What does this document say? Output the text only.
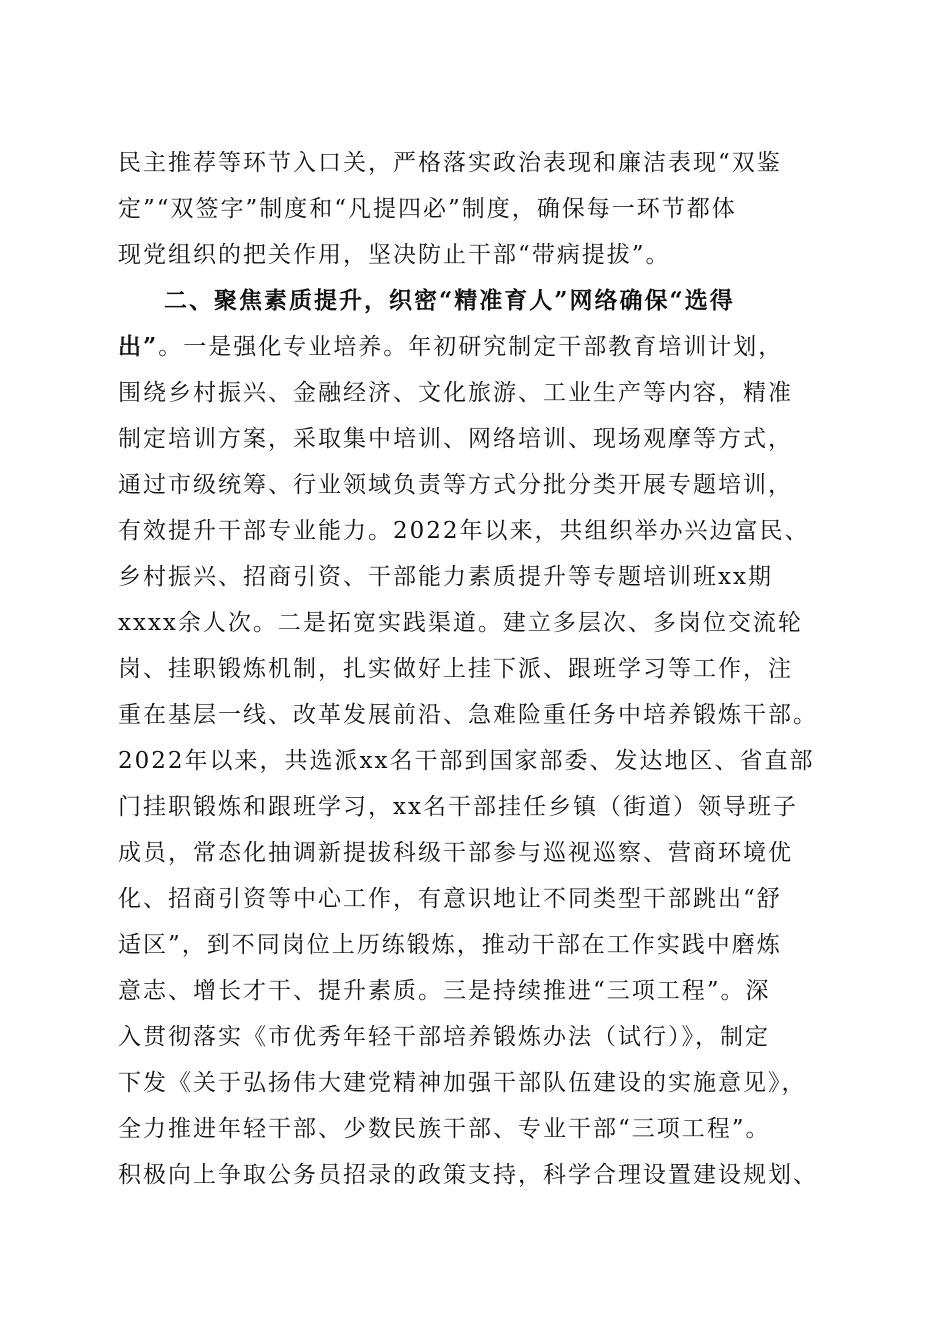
民主推荐等环节入口关，严格落实政治表现和廉洁表现“双鉴
定”“双签字”制度和“凡提四必”制度，确保每一环节都体
现党组织的把关作用，坚决防止干部“带病提拔”。
二、聚焦素质提升，织密“精准育人”网络确保“选得
出”。一是强化专业培养。年初研究制定干部教育培训计划，
围绕乡村振兴、金融经济、文化旅游、工业生产等内容，精准
制定培训方案，采取集中培训、网络培训、现场观摩等方式，
通过市级统筹、行业领域负责等方式分批分类开展专题培训，
有效提升干部专业能力。2022年以来，共组织举办兴边富民、
乡村振兴、招商引资、干部能力素质提升等专题培训班xx期
xxxx余人次。二是拓宽实践渠道。建立多层次、多岗位交流轮
岗、挂职锻炼机制，扎实做好上挂下派、跟班学习等工作，注
重在基层一线、改革发展前沿、急难险重任务中培养锻炼干部。
2022年以来，共选派xx名干部到国家部委、发达地区、省直部
门挂职锻炼和跟班学习，xx名干部挂任乡镇（街道）领导班子
成员，常态化抽调新提拔科级干部参与巡视巡察、营商环境优
化、招商引资等中心工作，有意识地让不同类型干部跳出“舒
适区”，到不同岗位上历练锻炼，推动干部在工作实践中磨炼
意志、增长才干、提升素质。三是持续推进“三项工程”。深
入贯彻落实《市优秀年轻干部培养锻炼办法（试行）》，制定
下发《关于弘扬伟大建党精神加强干部队伍建设的实施意见》，
全力推进年轻干部、少数民族干部、专业干部“三项工程”。
积极向上争取公务员招录的政策支持，科学合理设置建设规划、
